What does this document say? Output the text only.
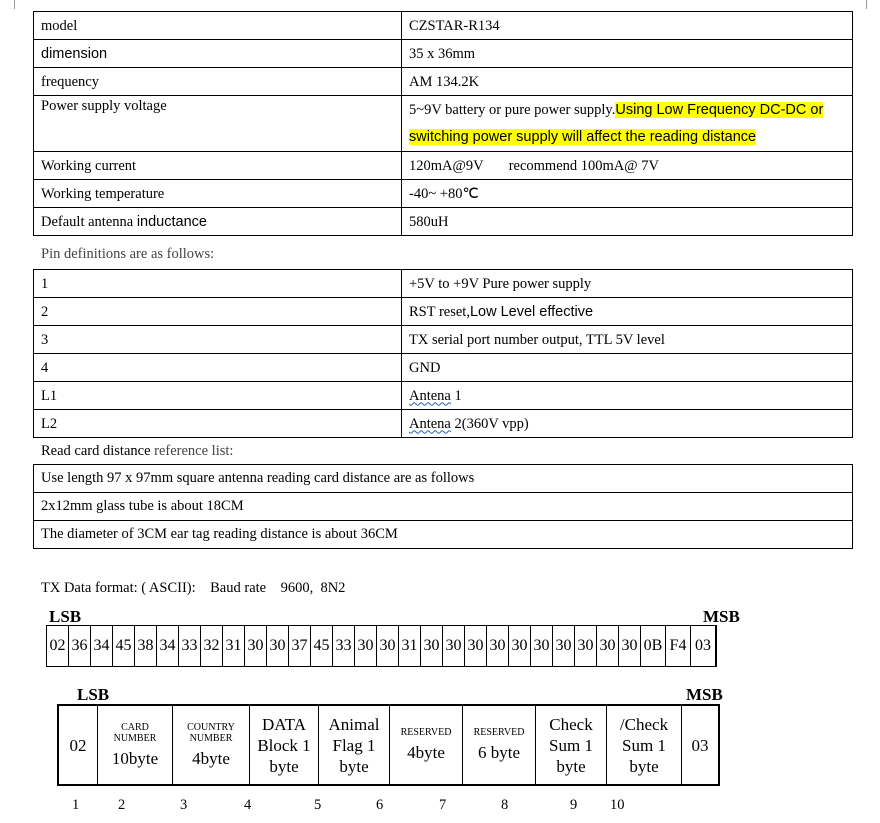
model	CZSTAR-R134
dimension	35 x 36mm
frequency	AM 134.2K
Power supply voltage	5~9V battery or pure power supply.Using Low Frequency DC-DC or switching power supply will affect the reading distance
Working current	120mA@9V       recommend 100mA@ 7V
Working temperature	-40~ +80℃
Default antenna inductance	580uH
Pin definitions are as follows:
1	+5V to +9V Pure power supply
2	RST reset,Low Level effective
3	TX serial port number output, TTL 5V level
4	GND
L1	Antena 1
L2	Antena 2(360V vpp)
Read card distance reference list:
Use length 97 x 97mm square antenna reading card distance are as follows
2x12mm glass tube is about 18CM
The diameter of 3CM ear tag reading distance is about 36CM
TX Data format: ( ASCII):    Baud rate    9600,  8N2
LSB	MSB
02	36	34	45	38	34	33	32	31	30	30	37	45	33	30	30	31	30	30	30	30	30	30	30	30	30	30	0B	F4	03
LSB	MSB
02

CARD NUMBER
10byte

COUNTRY NUMBER
4byte

DATA Block 1 byte

Animal Flag 1 byte

RESERVED
4byte

RESERVED
6 byte

Check Sum 1 byte

/Check Sum 1 byte

03
1	2	3	4	5	6	7	8	9 10
